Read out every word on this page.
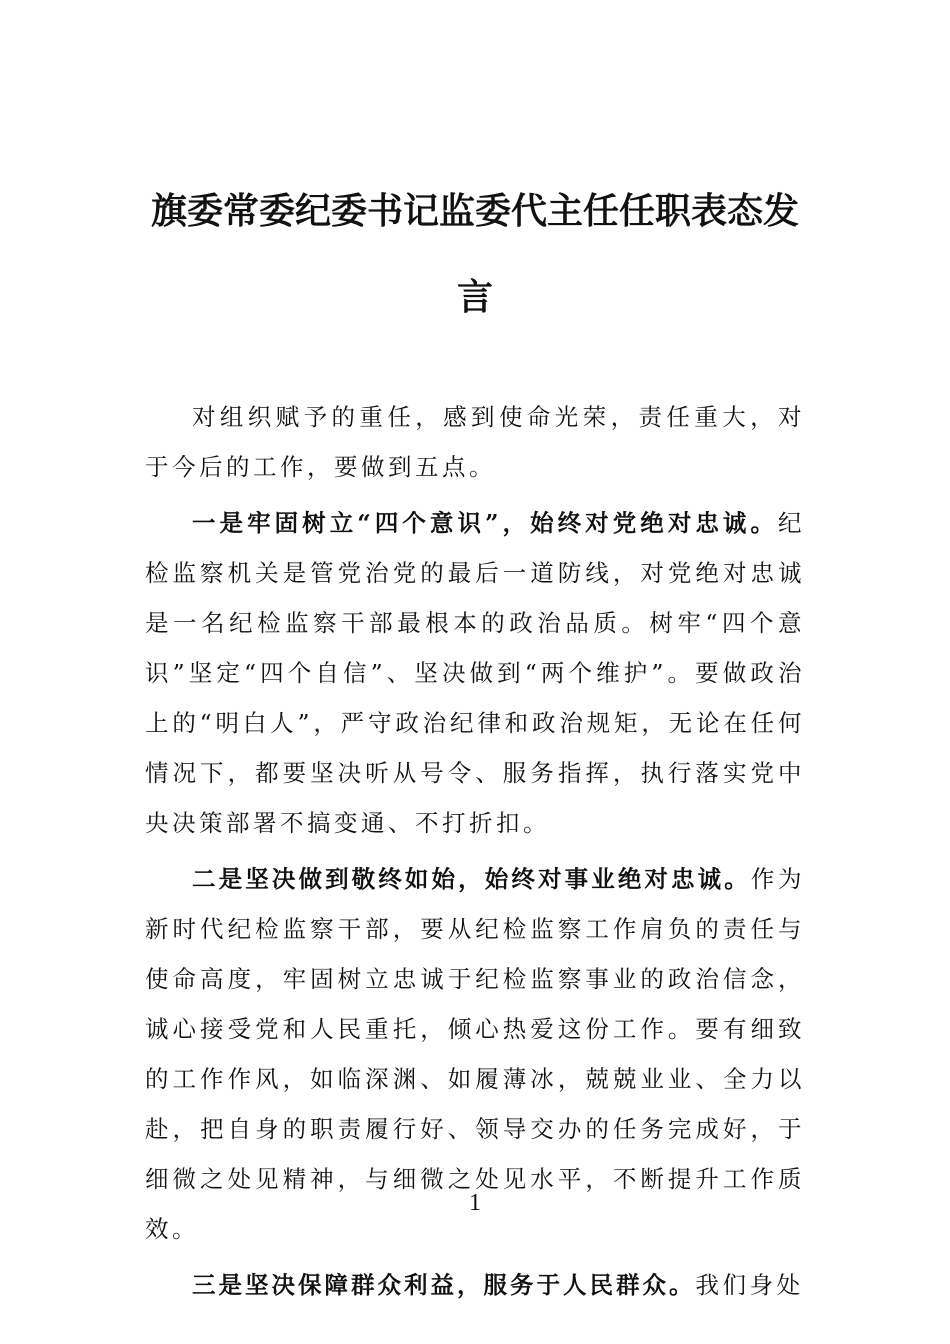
旗委常委纪委书记监委代主任任职表态发言

对组织赋予的重任，感到使命光荣，责任重大，对于今后的工作，要做到五点。

一是牢固树立“四个意识”，始终对党绝对忠诚。纪检监察机关是管党治党的最后一道防线，对党绝对忠诚是一名纪检监察干部最根本的政治品质。树牢“四个意识”坚定“四个自信”、坚决做到“两个维护”。要做政治上的“明白人”，严守政治纪律和政治规矩，无论在任何情况下，都要坚决听从号令、服务指挥，执行落实党中央决策部署不搞变通、不打折扣。

二是坚决做到敬终如始，始终对事业绝对忠诚。作为新时代纪检监察干部，要从纪检监察工作肩负的责任与使命高度，牢固树立忠诚于纪检监察事业的政治信念，诚心接受党和人民重托，倾心热爱这份工作。要有细致的工作作风，如临深渊、如履薄冰，兢兢业业、全力以赴，把自身的职责履行好、领导交办的任务完成好，于细微之处见精神，与细微之处见水平，不断提升工作质效。

三是坚决保障群众利益，服务于人民群众。我们身处

1
